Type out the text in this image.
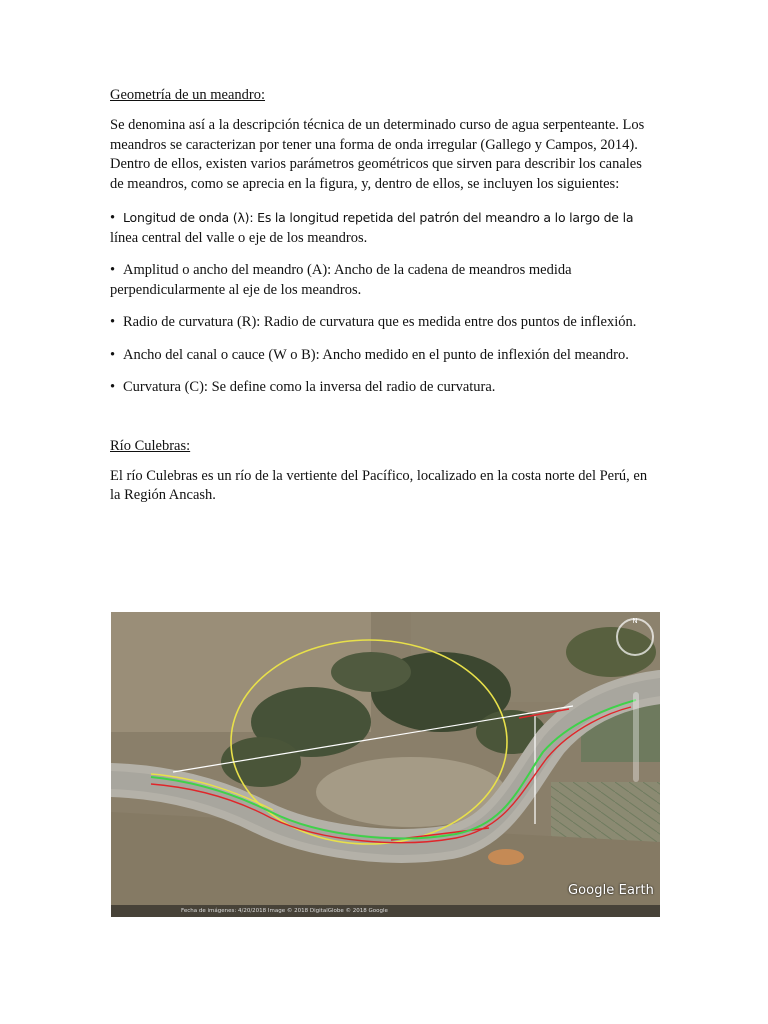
Geometría de un meandro:
Se denomina así a la descripción técnica de un determinado curso de agua serpenteante. Los meandros se caracterizan por tener una forma de onda irregular (Gallego y Campos, 2014). Dentro de ellos, existen varios parámetros geométricos que sirven para describir los canales de meandros, como se aprecia en la figura, y, dentro de ellos, se incluyen los siguientes:
• Longitud de onda (λ): Es la longitud repetida del patrón del meandro a lo largo de la
línea central del valle o eje de los meandros.
• Amplitud o ancho del meandro (A): Ancho de la cadena de meandros medida perpendicularmente al eje de los meandros.
• Radio de curvatura (R): Radio de curvatura que es medida entre dos puntos de inflexión.
• Ancho del canal o cauce (W o B): Ancho medido en el punto de inflexión del meandro.
• Curvatura (C): Se define como la inversa del radio de curvatura.
Río Culebras:
El río Culebras es un río de la vertiente del Pacífico, localizado en la costa norte del Perú, en la Región Ancash.
N
Google Earth
Fecha de imágenes: 4/20/2018 Image © 2018 DigitalGlobe © 2018 Google
